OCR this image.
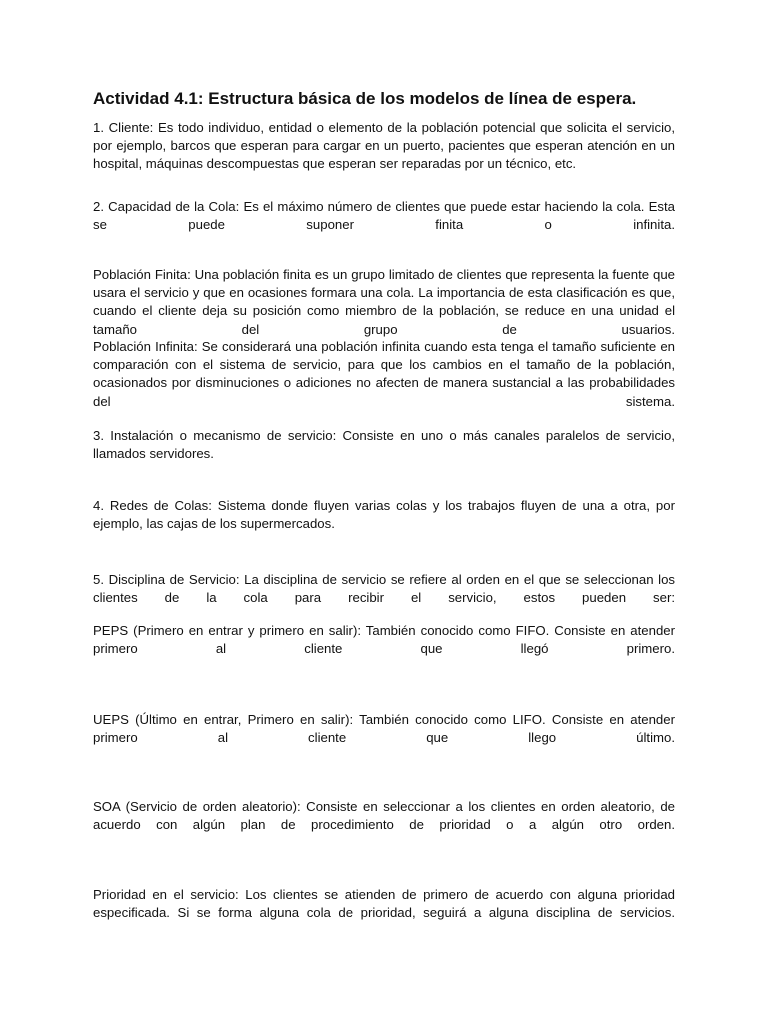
Actividad 4.1: Estructura básica de los modelos de línea de espera.

1. Cliente: Es todo individuo, entidad o elemento de la población potencial que solicita el servicio, por ejemplo, barcos que esperan para cargar en un puerto, pacientes que esperan atención en un hospital, máquinas descompuestas que esperan ser reparadas por un técnico, etc.

2. Capacidad de la Cola: Es el máximo número de clientes que puede estar haciendo la cola. Esta se puede suponer finita o infinita.

Población Finita: Una población finita es un grupo limitado de clientes que representa la fuente que usara el servicio y que en ocasiones formara una cola. La importancia de esta clasificación es que, cuando el cliente deja su posición como miembro de la población, se reduce en una unidad el tamaño del grupo de usuarios.

Población Infinita: Se considerará una población infinita cuando esta tenga el tamaño suficiente en comparación con el sistema de servicio, para que los cambios en el tamaño de la población, ocasionados por disminuciones o adiciones no afecten de manera sustancial a las probabilidades del sistema.

3. Instalación o mecanismo de servicio: Consiste en uno o más canales paralelos de servicio, llamados servidores.

4. Redes de Colas: Sistema donde fluyen varias colas y los trabajos fluyen de una a otra, por ejemplo, las cajas de los supermercados.

5. Disciplina de Servicio: La disciplina de servicio se refiere al orden en el que se seleccionan los clientes de la cola para recibir el servicio, estos pueden ser:

PEPS (Primero en entrar y primero en salir): También conocido como FIFO. Consiste en atender primero al cliente que llegó primero.

UEPS (Último en entrar, Primero en salir): También conocido como LIFO. Consiste en atender primero al cliente que llego último.

SOA (Servicio de orden aleatorio): Consiste en seleccionar a los clientes en orden aleatorio, de acuerdo con algún plan de procedimiento de prioridad o a algún otro orden.

Prioridad en el servicio: Los clientes se atienden de primero de acuerdo con alguna prioridad especificada. Si se forma alguna cola de prioridad, seguirá a alguna disciplina de servicios.
